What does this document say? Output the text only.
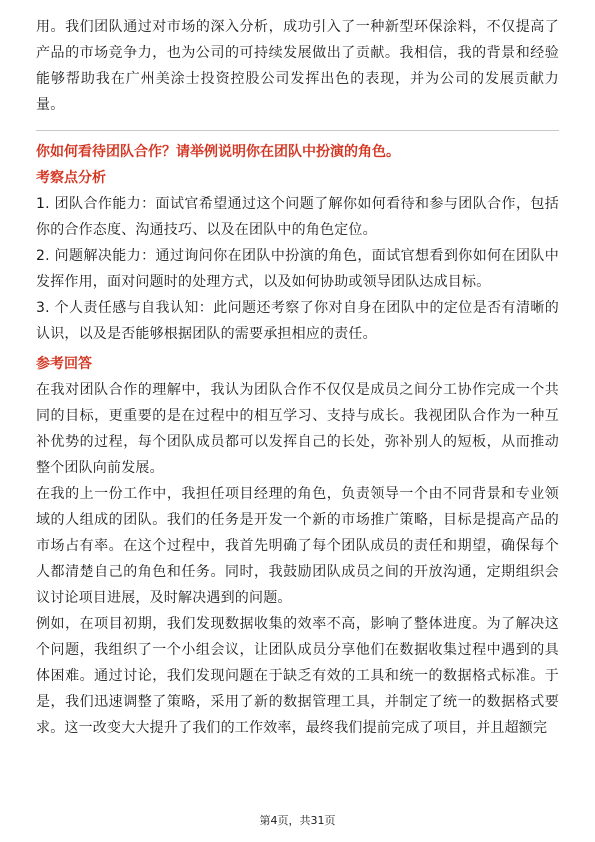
用。我们团队通过对市场的深入分析，成功引入了一种新型环保涂料，不仅提高了产品的市场竞争力，也为公司的可持续发展做出了贡献。我相信，我的背景和经验能够帮助我在广州美涂士投资控股公司发挥出色的表现，并为公司的发展贡献力量。

你如何看待团队合作？请举例说明你在团队中扮演的角色。
考察点分析

1. 团队合作能力：面试官希望通过这个问题了解你如何看待和参与团队合作，包括你的合作态度、沟通技巧、以及在团队中的角色定位。

2. 问题解决能力：通过询问你在团队中扮演的角色，面试官想看到你如何在团队中发挥作用，面对问题时的处理方式，以及如何协助或领导团队达成目标。

3. 个人责任感与自我认知：此问题还考察了你对自身在团队中的定位是否有清晰的认识，以及是否能够根据团队的需要承担相应的责任。

参考回答

在我对团队合作的理解中，我认为团队合作不仅仅是成员之间分工协作完成一个共同的目标，更重要的是在过程中的相互学习、支持与成长。我视团队合作为一种互补优势的过程，每个团队成员都可以发挥自己的长处，弥补别人的短板，从而推动整个团队向前发展。

在我的上一份工作中，我担任项目经理的角色，负责领导一个由不同背景和专业领域的人组成的团队。我们的任务是开发一个新的市场推广策略，目标是提高产品的市场占有率。在这个过程中，我首先明确了每个团队成员的责任和期望，确保每个人都清楚自己的角色和任务。同时，我鼓励团队成员之间的开放沟通，定期组织会议讨论项目进展，及时解决遇到的问题。

例如，在项目初期，我们发现数据收集的效率不高，影响了整体进度。为了解决这个问题，我组织了一个小组会议，让团队成员分享他们在数据收集过程中遇到的具体困难。通过讨论，我们发现问题在于缺乏有效的工具和统一的数据格式标准。于是，我们迅速调整了策略，采用了新的数据管理工具，并制定了统一的数据格式要求。这一改变大大提升了我们的工作效率，最终我们提前完成了项目，并且超额完

第4页，共31页
